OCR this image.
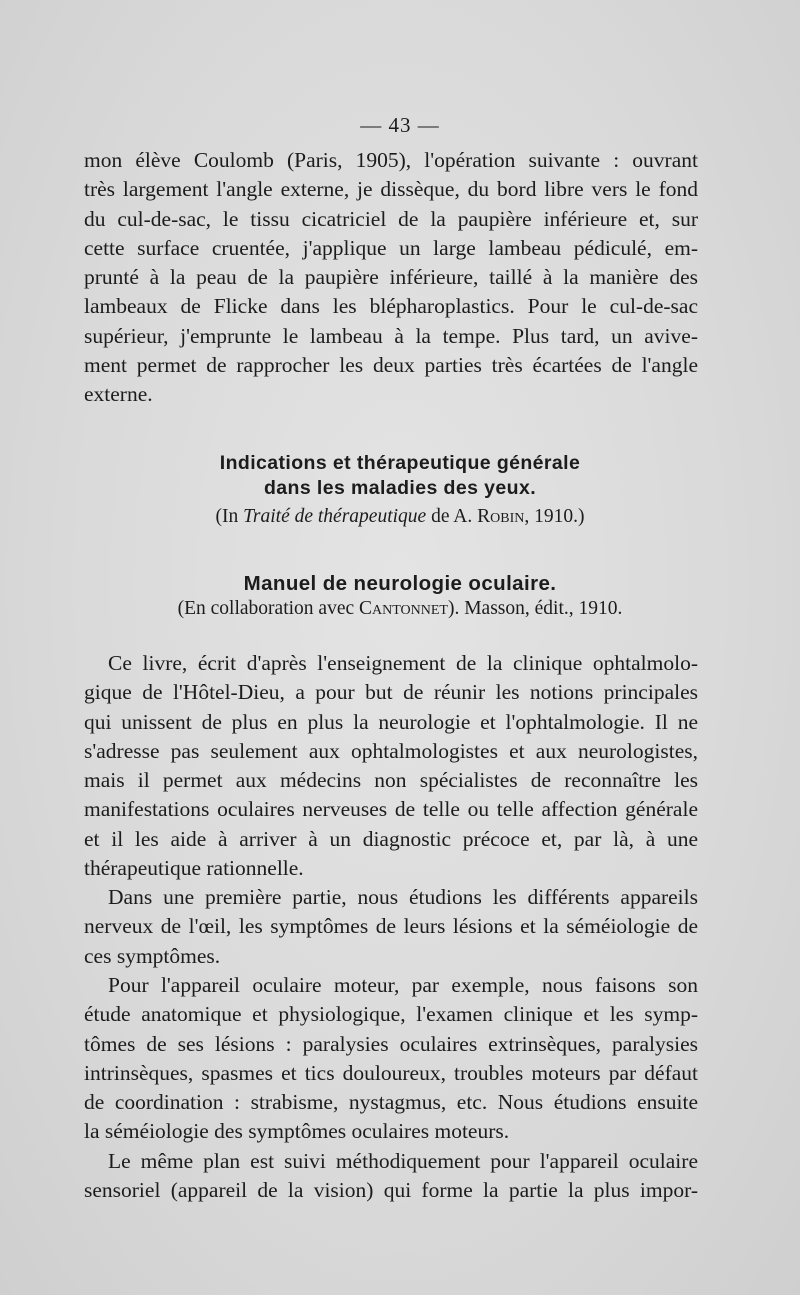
— 43 —
mon élève Coulomb (Paris, 1905), l'opération suivante : ouvrant
très largement l'angle externe, je dissèque, du bord libre vers le fond
du cul-de-sac, le tissu cicatriciel de la paupière inférieure et, sur
cette surface cruentée, j'applique un large lambeau pédiculé, em-
prunté à la peau de la paupière inférieure, taillé à la manière des
lambeaux de Flicke dans les blépharoplastics. Pour le cul-de-sac
supérieur, j'emprunte le lambeau à la tempe. Plus tard, un avive-
ment permet de rapprocher les deux parties très écartées de l'angle
externe.
Indications et thérapeutique générale
dans les maladies des yeux.
(In Traité de thérapeutique de A. Robin, 1910.)
Manuel de neurologie oculaire.
(En collaboration avec Cantonnet). Masson, édit., 1910.
Ce livre, écrit d'après l'enseignement de la clinique ophtalmolo-
gique de l'Hôtel-Dieu, a pour but de réunir les notions principales
qui unissent de plus en plus la neurologie et l'ophtalmologie. Il ne
s'adresse pas seulement aux ophtalmologistes et aux neurologistes,
mais il permet aux médecins non spécialistes de reconnaître les
manifestations oculaires nerveuses de telle ou telle affection générale
et il les aide à arriver à un diagnostic précoce et, par là, à une
thérapeutique rationnelle.
Dans une première partie, nous étudions les différents appareils
nerveux de l'œil, les symptômes de leurs lésions et la séméiologie de
ces symptômes.
Pour l'appareil oculaire moteur, par exemple, nous faisons son
étude anatomique et physiologique, l'examen clinique et les symp-
tômes de ses lésions : paralysies oculaires extrinsèques, paralysies
intrinsèques, spasmes et tics douloureux, troubles moteurs par défaut
de coordination : strabisme, nystagmus, etc. Nous étudions ensuite
la séméiologie des symptômes oculaires moteurs.
Le même plan est suivi méthodiquement pour l'appareil oculaire
sensoriel (appareil de la vision) qui forme la partie la plus impor-
